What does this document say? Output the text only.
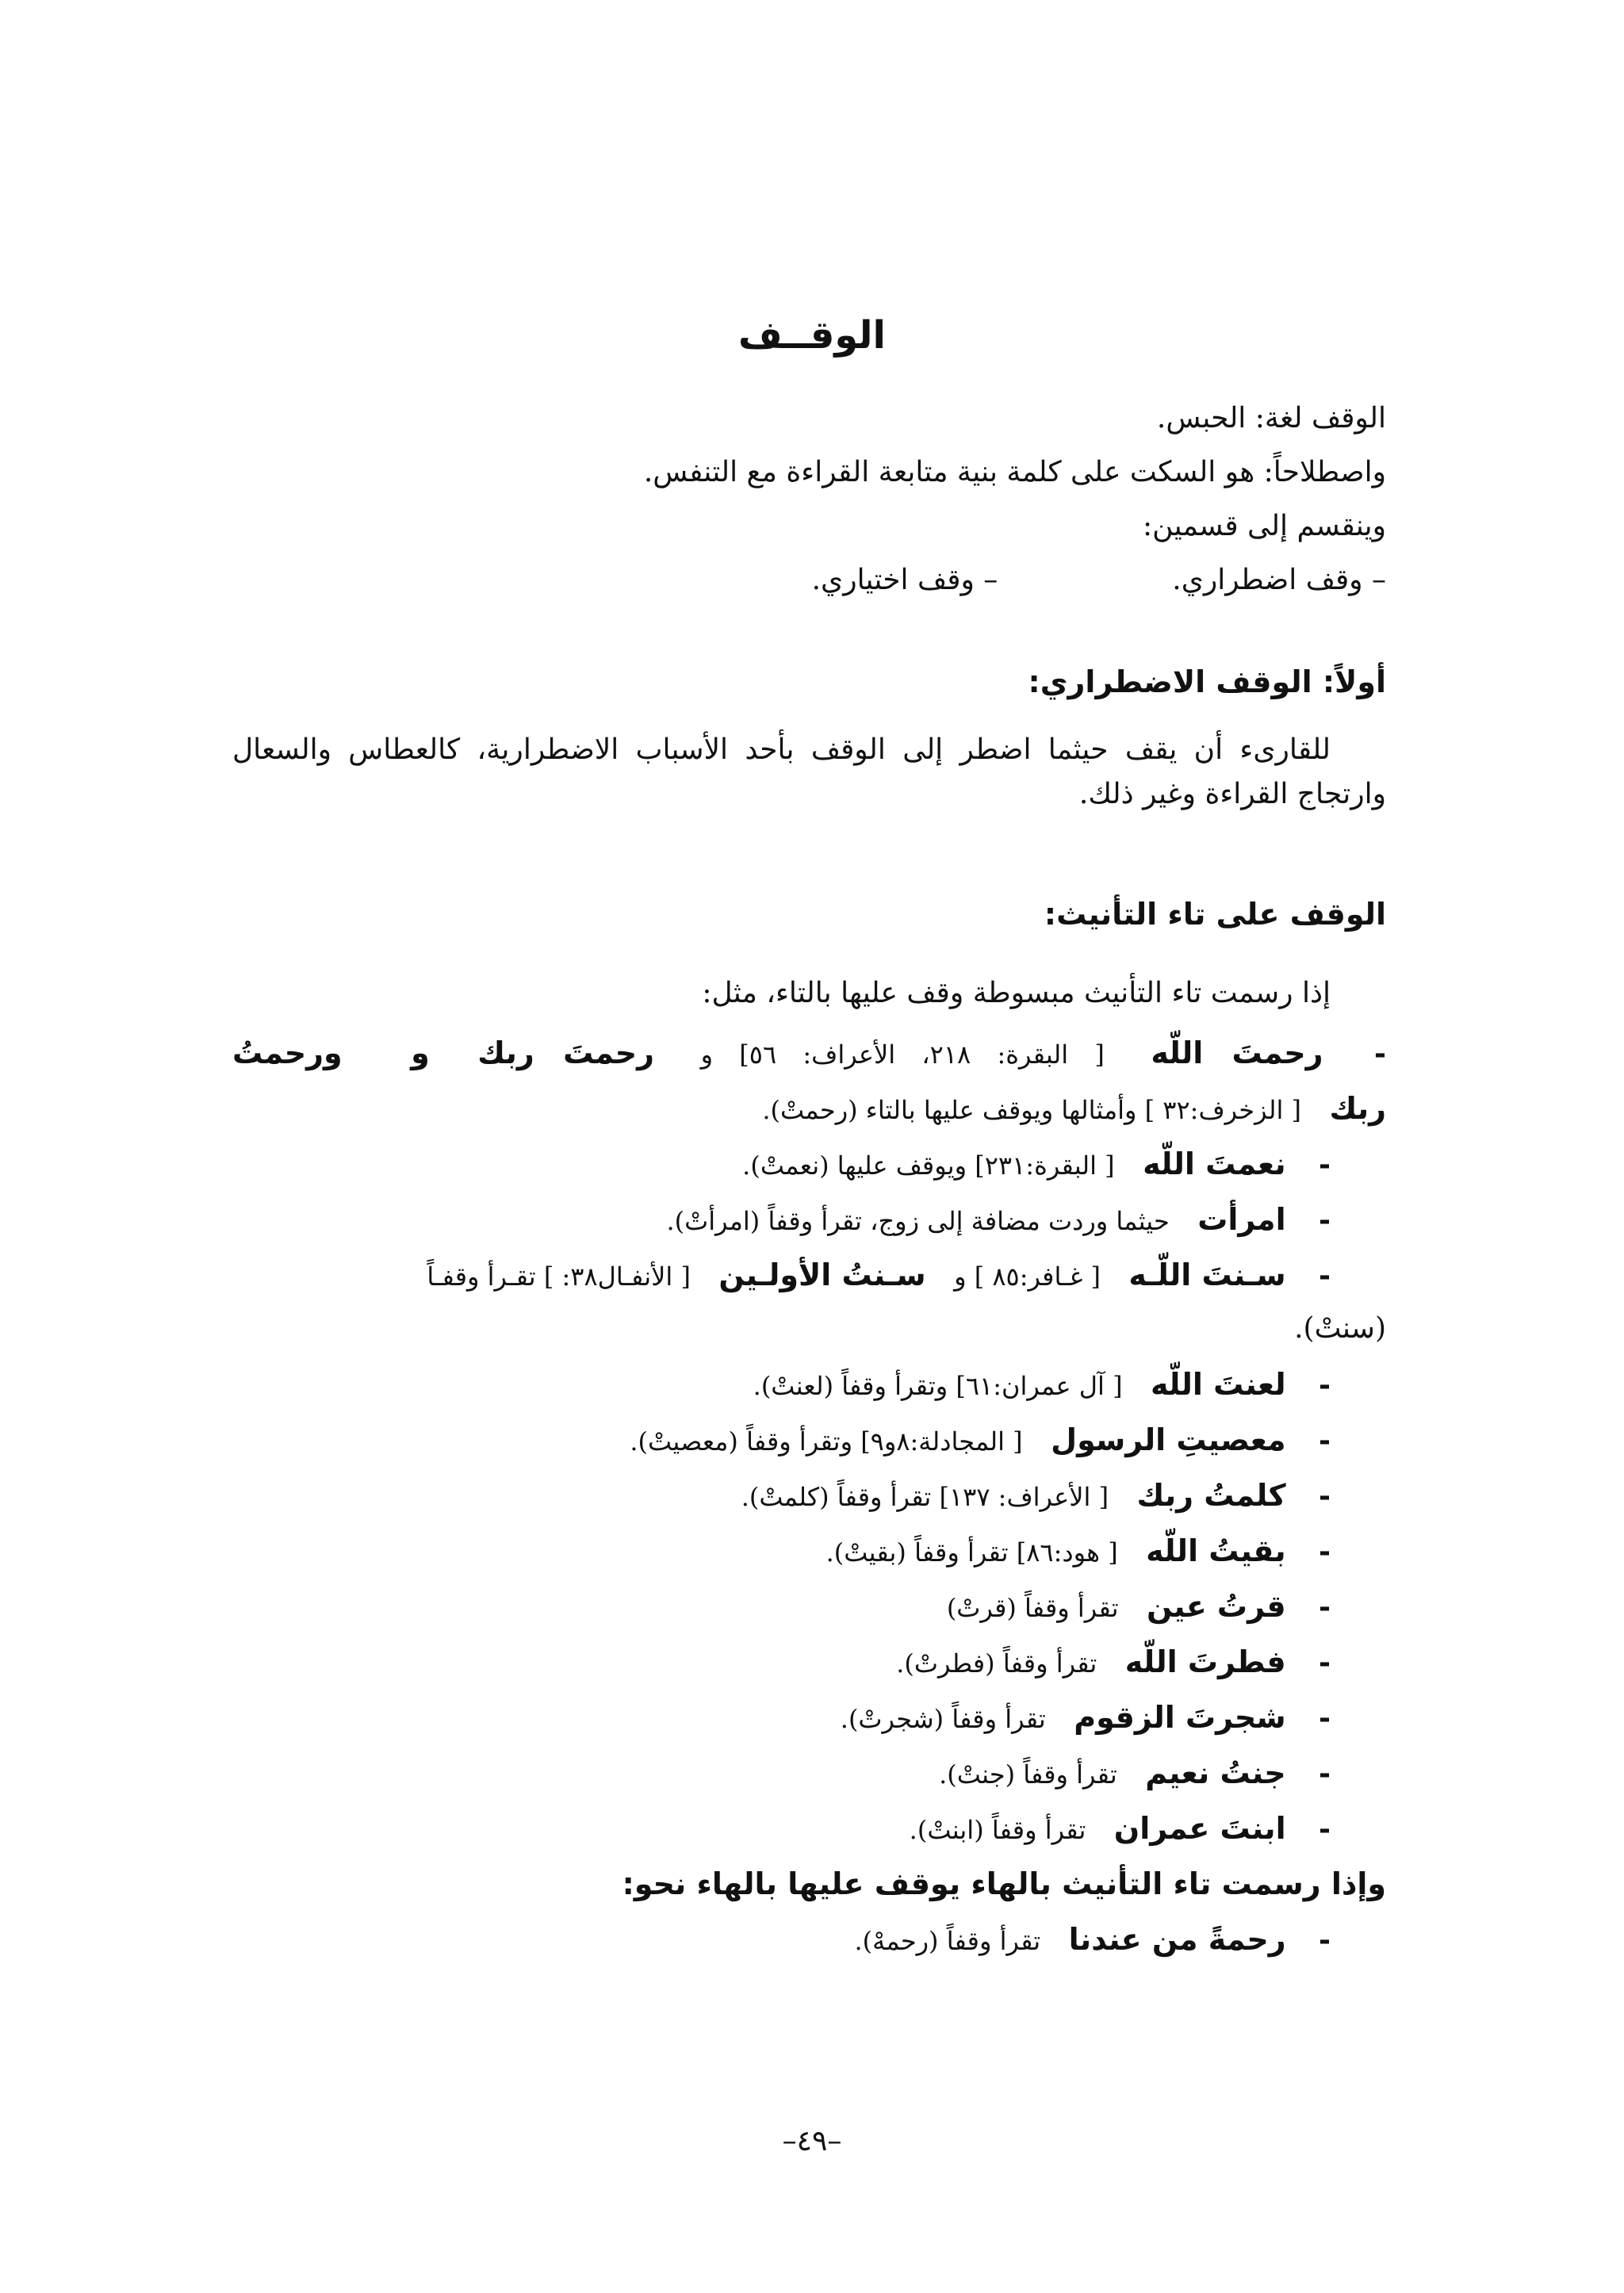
الوقــف
الوقف لغة: الحبس.
واصطلاحاً: هو السكت على كلمة بنية متابعة القراءة مع التنفس.
وينقسم إلى قسمين:
– وقف اضطراري.– وقف اختياري.
أولاً: الوقف الاضطراري:
للقارىء أن يقف حيثما اضطر إلى الوقف بأحد الأسباب الاضطرارية، كالعطاس والسعال وارتجاج القراءة وغير ذلك.
الوقف على تاء التأنيث:
إذا رسمت تاء التأنيث مبسوطة وقف عليها بالتاء، مثل:
- رحمتَ اللّه [ البقرة: ٢١٨، الأعراف: ٥٦] و رحمتَ ربك و ورحمتُ
ربك [ الزخرف:٣٢ ] وأمثالها ويوقف عليها بالتاء (رحمتْ).
- نعمتَ اللّه [ البقرة:٢٣١] ويوقف عليها (نعمتْ).
- امرأت حيثما وردت مضافة إلى زوج، تقرأ وقفاً (امرأتْ).
- سـنتَ اللّـه [ غـافر:٨٥ ] و سـنتُ الأولـين [ الأنفـال٣٨: ] تقـرأ وقفـاً
(سنتْ).
- لعنتَ اللّه [ آل عمران:٦١] وتقرأ وقفاً (لعنتْ).
- معصيتِ الرسول [ المجادلة:٨و٩] وتقرأ وقفاً (معصيتْ).
- كلمتُ ربك [ الأعراف: ١٣٧] تقرأ وقفاً (كلمتْ).
- بقيتُ اللّه [ هود:٨٦] تقرأ وقفاً (بقيتْ).
- قرتُ عين تقرأ وقفاً (قرتْ)
- فطرتَ اللّه تقرأ وقفاً (فطرتْ).
- شجرتَ الزقوم تقرأ وقفاً (شجرتْ).
- جنتُ نعيم تقرأ وقفاً (جنتْ).
- ابنتَ عمران تقرأ وقفاً (ابنتْ).
وإذا رسمت تاء التأنيث بالهاء يوقف عليها بالهاء نحو:
- رحمةً من عندنا تقرأ وقفاً (رحمهْ).
–٤٩–
